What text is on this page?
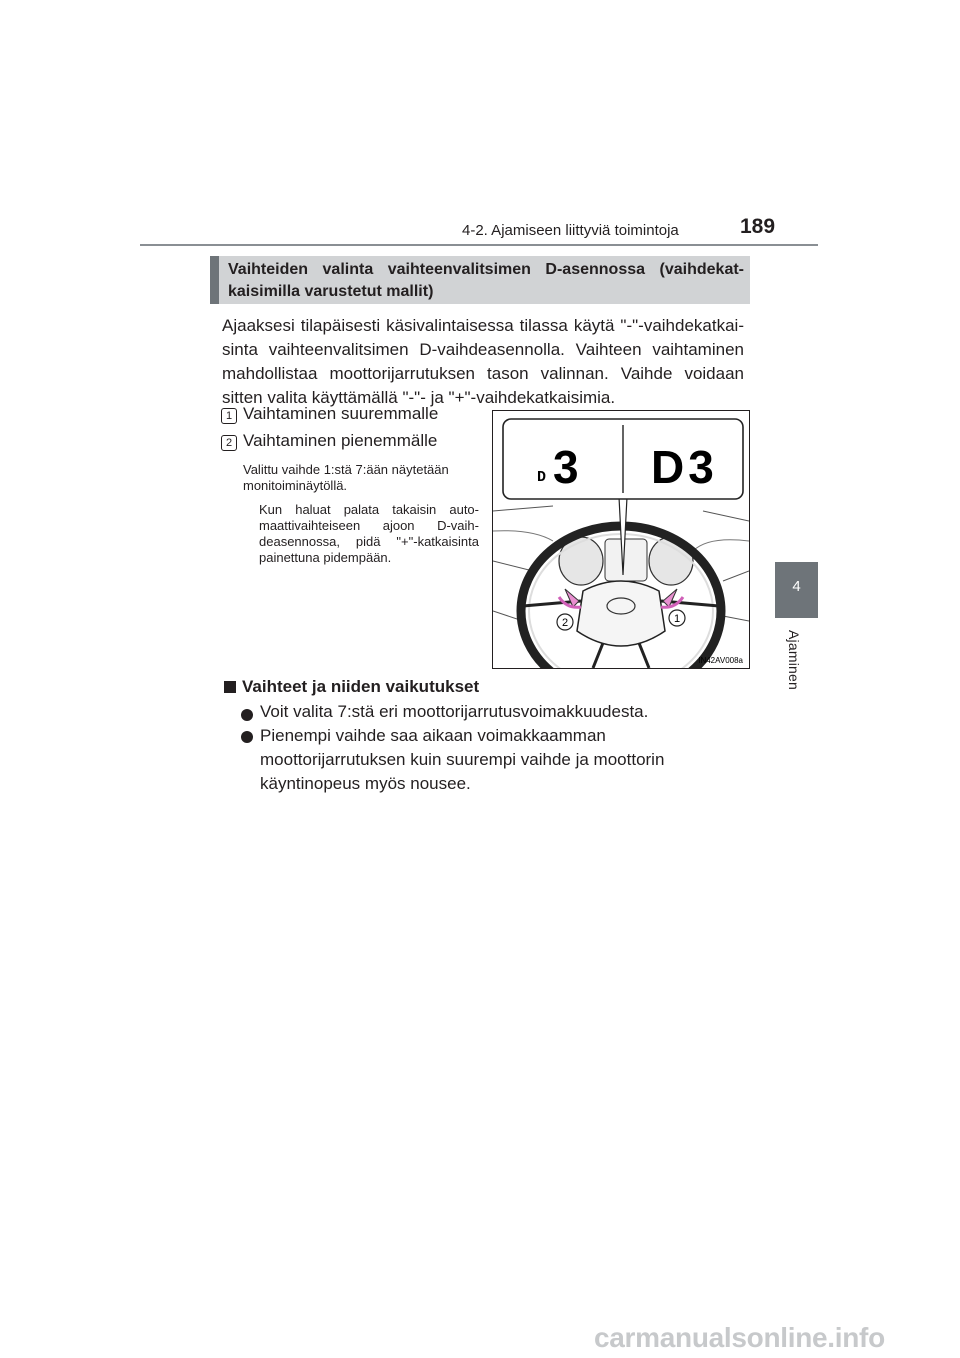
4-2. Ajamiseen liittyviä toimintoja	189
4
Ajaminen
Vaihteiden valinta vaihteenvalitsimen D-asennossa (vaihdekat-kaisimilla varustetut mallit)
Ajaaksesi tilapäisesti käsivalintaisessa tilassa käytä "-"-vaihdekatkai-sinta vaihteenvalitsimen D-vaihdeasennolla. Vaihteen vaihtaminen mahdollistaa moottorijarrutuksen tason valinnan. Vaihde voidaan sitten valita käyttämällä "-"- ja "+"-vaihdekatkaisimia.
1 Vaihtaminen suuremmalle
2 Vaihtaminen pienemmälle
Valittu vaihde 1:stä 7:ään näytetään monitoiminäytöllä.
Kun haluat palata takaisin auto-maattivaihteiseen ajoon D-vaih-deasennossa, pidä "+"-katkaisinta painettuna pidempään.
2	1
D 3 D3
IN42AV008a
Vaihteet ja niiden vaikutukset
Voit valita 7:stä eri moottorijarrutusvoimakkuudesta.
Pienempi vaihde saa aikaan voimakkaamman moottorijarrutuksen kuin suurempi vaihde ja moottorin käyntinopeus myös nousee.
carmanualsonline.info
